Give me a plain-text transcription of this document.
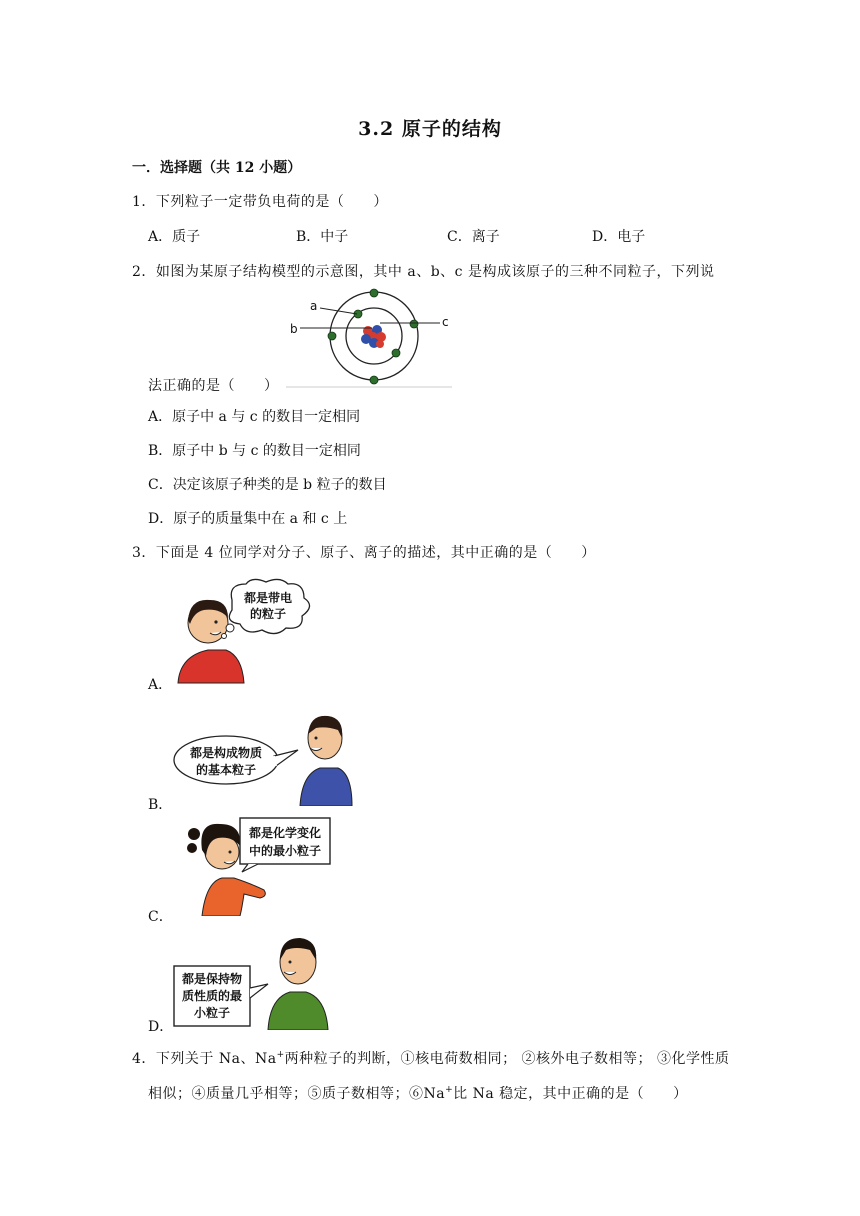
3.2 原子的结构
一．选择题（共 12 小题）
1．下列粒子一定带负电荷的是（　　）
A．质子	B．中子	C．离子	D．电子
2．如图为某原子结构模型的示意图，其中 a、b、c 是构成该原子的三种不同粒子，下列说
法正确的是（　　）
a
b	c
A．原子中 a 与 c 的数目一定相同
B．原子中 b 与 c 的数目一定相同
C．决定该原子种类的是 b 粒子的数目
D．原子的质量集中在 a 和 c 上
3．下面是 4 位同学对分子、原子、离子的描述，其中正确的是（　　）
A．
都是带电
的粒子
B．
都是构成物质
的基本粒子
C．
都是化学变化
中的最小粒子
D．
都是保持物
质性质的最
小粒子
4．下列关于 Na、Na+两种粒子的判断，①核电荷数相同； ②核外电子数相等； ③化学性质
相似；④质量几乎相等；⑤质子数相等；⑥Na+比 Na 稳定，其中正确的是（　　）
